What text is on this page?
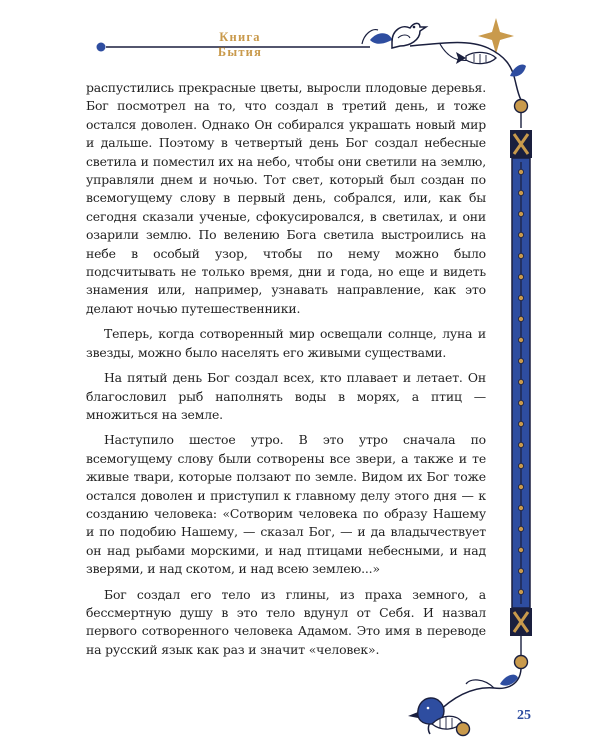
Книга Бытия

распустились прекрасные цветы, выросли плодовые деревья. Бог посмотрел на то, что создал в третий день, и тоже остался доволен. Однако Он собирался украшать новый мир и дальше. Поэтому в четвертый день Бог создал небесные светила и поместил их на небо, чтобы они светили на землю, управляли днем и ночью. Тот свет, который был создан по всемогущему слову в первый день, собрался, или, как бы сегодня сказали ученые, сфокусировался, в светилах, и они озарили землю. По велению Бога светила выстроились на небе в особый узор, чтобы по нему можно было подсчитывать не только время, дни и года, но еще и видеть знамения или, например, узнавать направление, как это делают ночью путешественники.

Теперь, когда сотворенный мир освещали солнце, луна и звезды, можно было населять его живыми существами.

На пятый день Бог создал всех, кто плавает и летает. Он благословил рыб наполнять воды в морях, а птиц — множиться на земле.

Наступило шестое утро. В это утро сначала по всемогущему слову были сотворены все звери, а также и те живые твари, которые ползают по земле. Видом их Бог тоже остался доволен и приступил к главному делу этого дня — к созданию человека: «Сотворим человека по образу Нашему и по подобию Нашему, — сказал Бог, — и да владычествует он над рыбами морскими, и над птицами небесными, и над зверями, и над скотом, и над всею землею...»

Бог создал его тело из глины, из праха земного, а бессмертную душу в это тело вдунул от Себя. И назвал первого сотворенного человека Адамом. Это имя в переводе на русский язык как раз и значит «человек».

25
